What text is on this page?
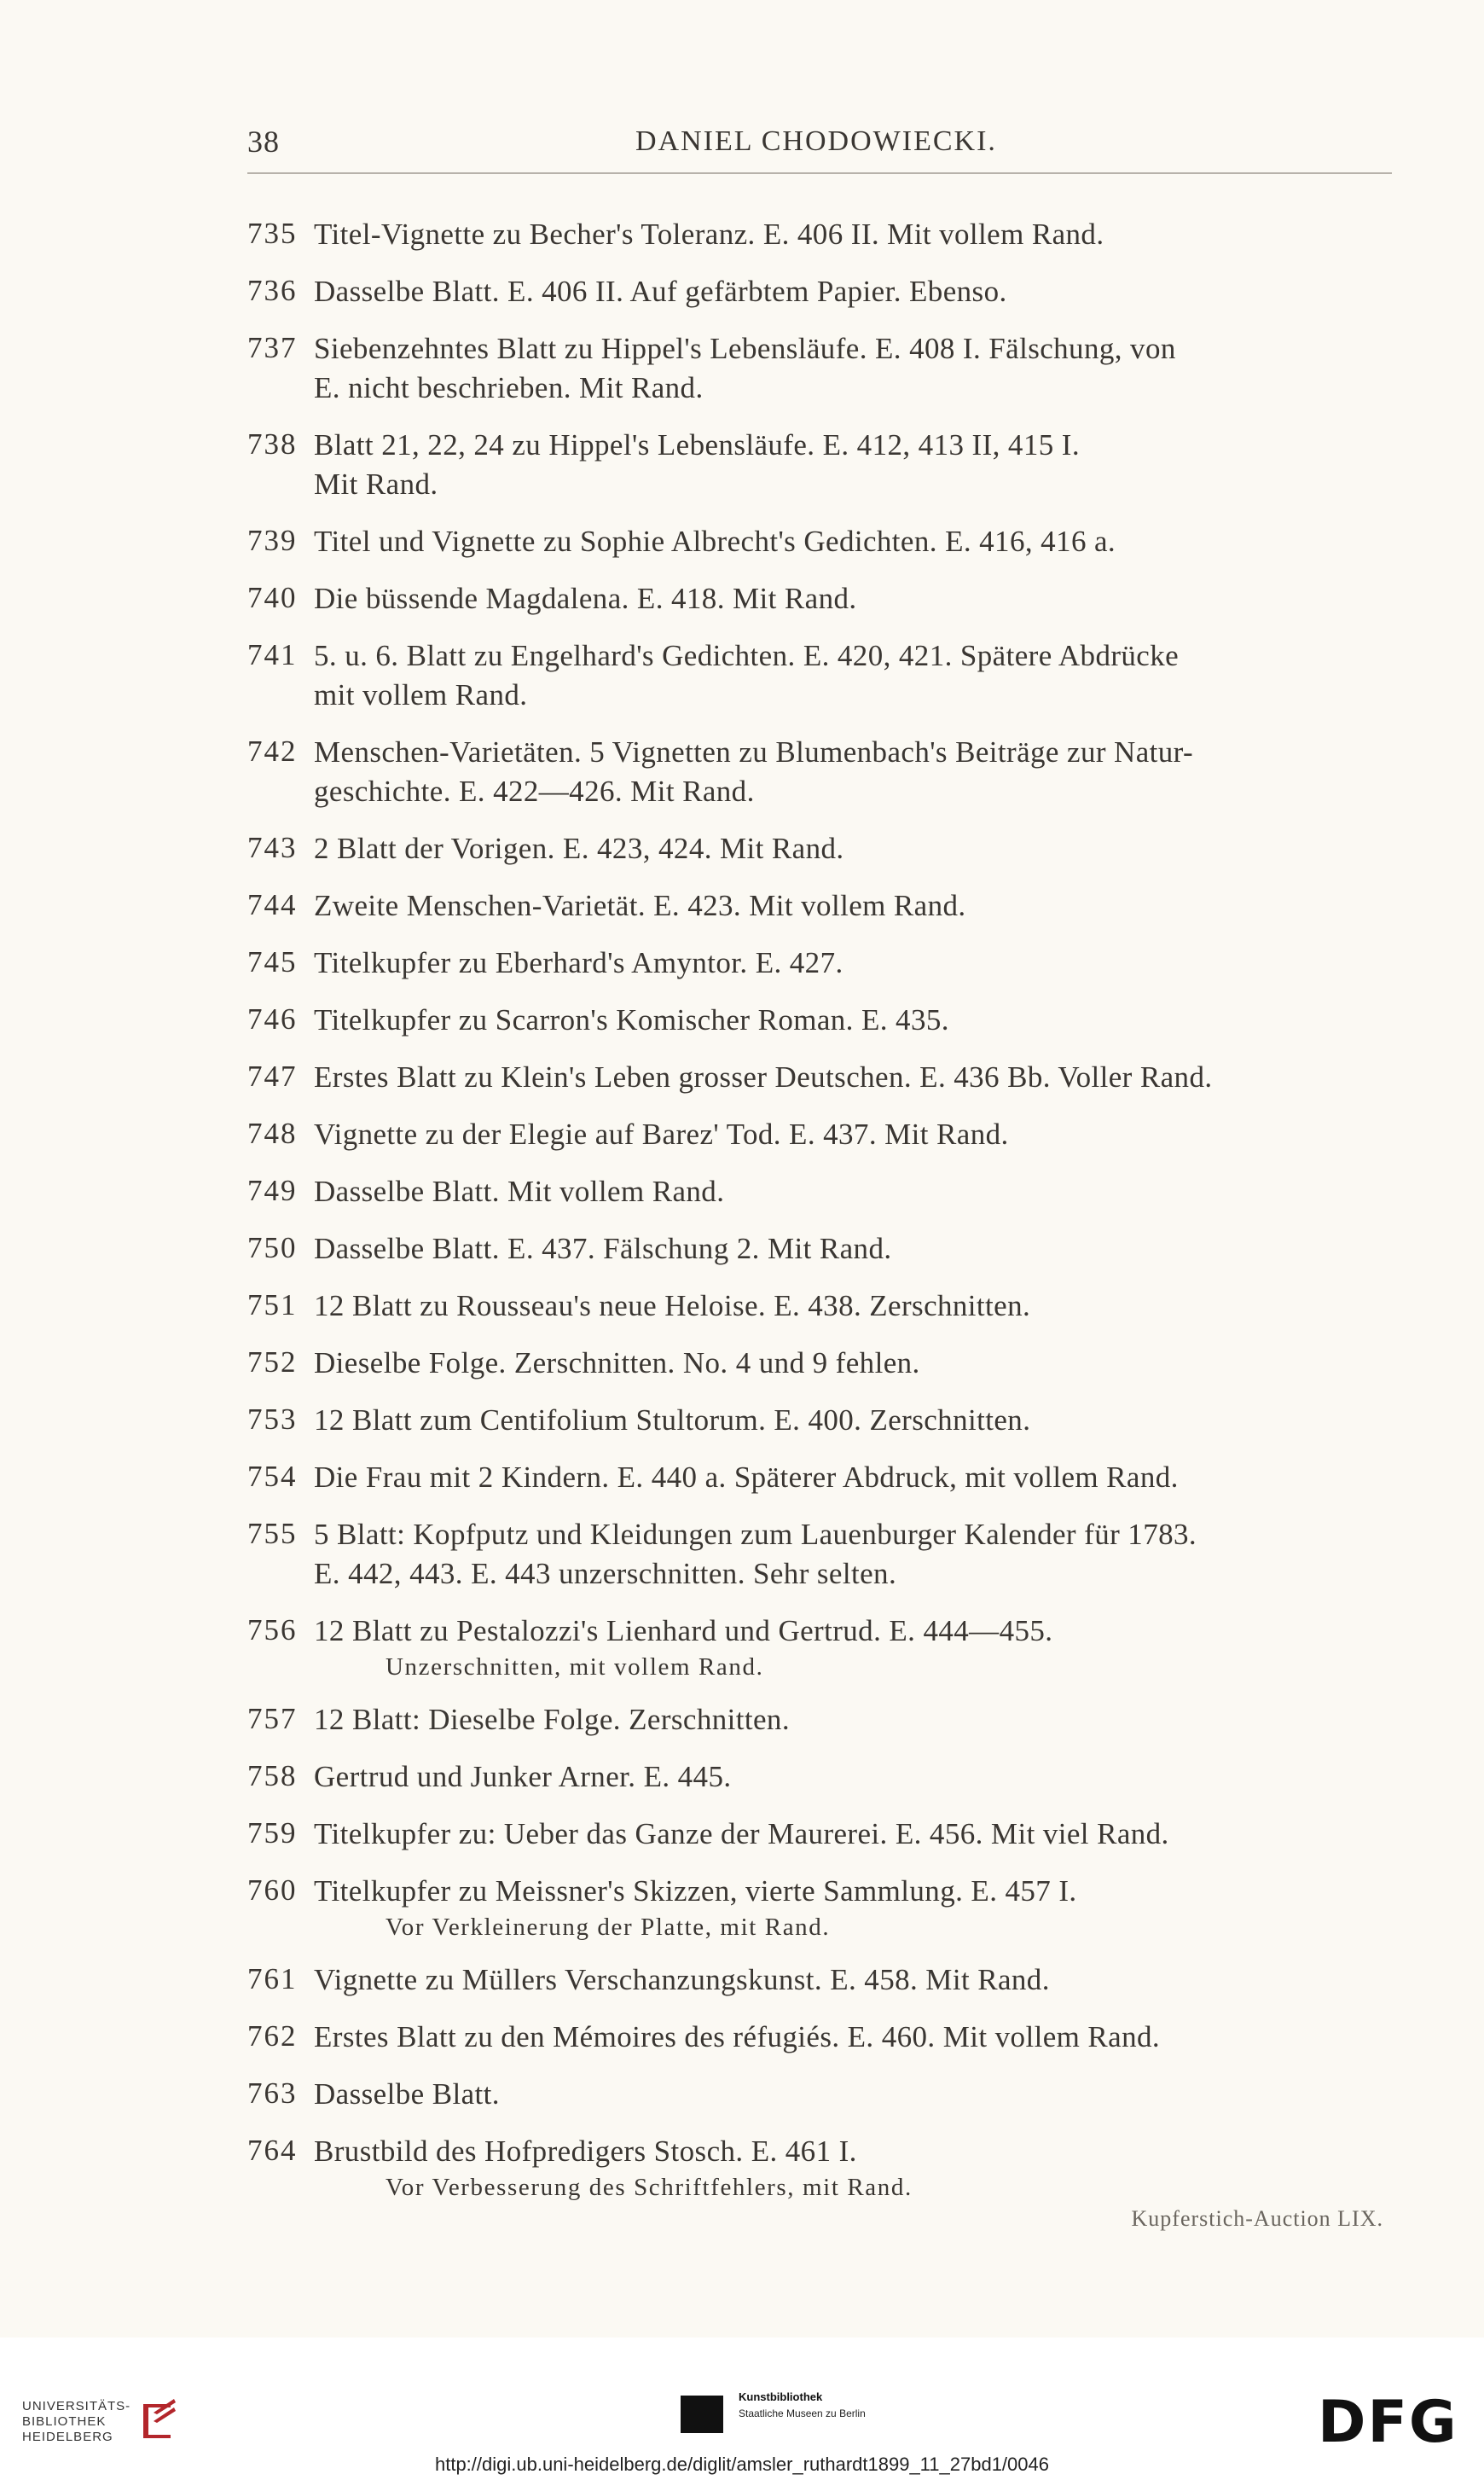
38	DANIEL CHODOWIECKI.
735 Titel-Vignette zu Becher's Toleranz. E. 406 II. Mit vollem Rand.
736 Dasselbe Blatt. E. 406 II. Auf gefärbtem Papier. Ebenso.
737 Siebenzehntes Blatt zu Hippel's Lebensläufe. E. 408 I. Fälschung, von
E. nicht beschrieben. Mit Rand.
738 Blatt 21, 22, 24 zu Hippel's Lebensläufe. E. 412, 413 II, 415 I.
Mit Rand.
739 Titel und Vignette zu Sophie Albrecht's Gedichten. E. 416, 416 a.
740 Die büssende Magdalena. E. 418. Mit Rand.
741 5. u. 6. Blatt zu Engelhard's Gedichten. E. 420, 421. Spätere Abdrücke
mit vollem Rand.
742 Menschen-Varietäten. 5 Vignetten zu Blumenbach's Beiträge zur Natur-
geschichte. E. 422—426. Mit Rand.
743 2 Blatt der Vorigen. E. 423, 424. Mit Rand.
744 Zweite Menschen-Varietät. E. 423. Mit vollem Rand.
745 Titelkupfer zu Eberhard's Amyntor. E. 427.
746 Titelkupfer zu Scarron's Komischer Roman. E. 435.
747 Erstes Blatt zu Klein's Leben grosser Deutschen. E. 436 Bb. Voller Rand.
748 Vignette zu der Elegie auf Barez' Tod. E. 437. Mit Rand.
749 Dasselbe Blatt. Mit vollem Rand.
750 Dasselbe Blatt. E. 437. Fälschung 2. Mit Rand.
751 12 Blatt zu Rousseau's neue Heloise. E. 438. Zerschnitten.
752 Dieselbe Folge. Zerschnitten. No. 4 und 9 fehlen.
753 12 Blatt zum Centifolium Stultorum. E. 400. Zerschnitten.
754 Die Frau mit 2 Kindern. E. 440 a. Späterer Abdruck, mit vollem Rand.
755 5 Blatt: Kopfputz und Kleidungen zum Lauenburger Kalender für 1783.
E. 442, 443. E. 443 unzerschnitten. Sehr selten.
756 12 Blatt zu Pestalozzi's Lienhard und Gertrud. E. 444—455.
Unzerschnitten, mit vollem Rand.
757 12 Blatt: Dieselbe Folge. Zerschnitten.
758 Gertrud und Junker Arner. E. 445.
759 Titelkupfer zu: Ueber das Ganze der Maurerei. E. 456. Mit viel Rand.
760 Titelkupfer zu Meissner's Skizzen, vierte Sammlung. E. 457 I.
Vor Verkleinerung der Platte, mit Rand.
761 Vignette zu Müllers Verschanzungskunst. E. 458. Mit Rand.
762 Erstes Blatt zu den Mémoires des réfugiés. E. 460. Mit vollem Rand.
763 Dasselbe Blatt.
764 Brustbild des Hofpredigers Stosch. E. 461 I.
Vor Verbesserung des Schriftfehlers, mit Rand.
Kupferstich-Auction LIX.
UNIVERSITÄTS-
BIBLIOTHEK
HEIDELBERG
Kunstbibliothek
Staatliche Museen zu Berlin	DFG
http://digi.ub.uni-heidelberg.de/diglit/amsler_ruthardt1899_11_27bd1/0046
